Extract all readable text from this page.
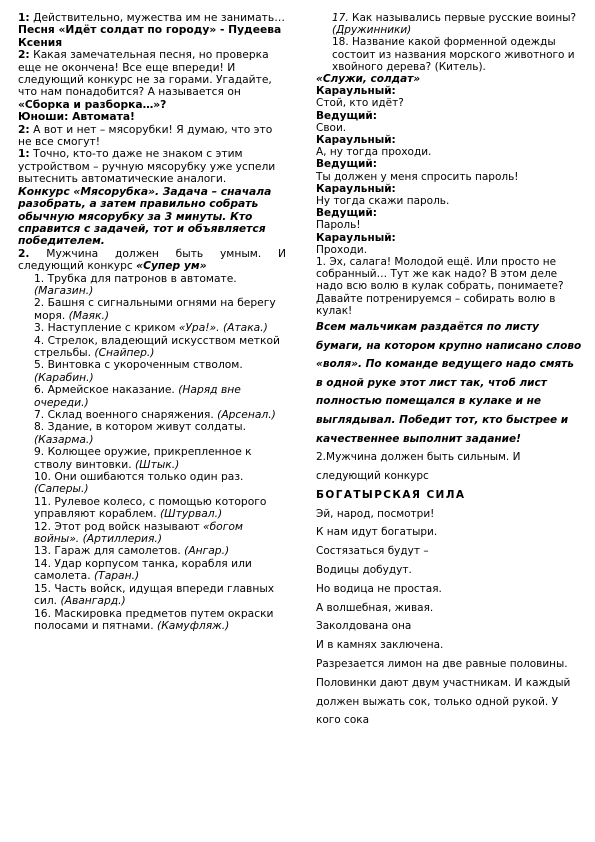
1: Действительно, мужества им не занимать…

Песня «Идёт солдат по городу» - Пудеева Ксения

2: Какая замечательная песня, но проверка еще не окончена! Все еще впереди! И следующий конкурс не за горами. Угадайте, что нам понадобится? А называется он «Сборка и разборка…»?

Юноши: Автомата!

2: А вот и нет – мясорубки! Я думаю, что это не все смогут!

1: Точно, кто-то даже не знаком с этим устройством – ручную мясорубку уже успели вытеснить автоматические аналоги.

Конкурс «Мясорубка». Задача – сначала разобрать, а затем правильно собрать обычную мясорубку за 3 минуты. Кто справится с задачей, тот и объявляется победителем.

2. Мужчина должен быть умным. И следующий конкурс «Супер ум»

1. Трубка для патронов в автомате. (Магазин.)

2. Башня с сигнальными огнями на берегу моря. (Маяк.)

3. Наступление с криком «Ура!». (Атака.)

4. Стрелок, владеющий искусством меткой стрельбы. (Снайпер.)

5. Винтовка с укороченным стволом. (Карабин.)

6. Армейское наказание. (Наряд вне очереди.)

7. Склад военного снаряжения. (Арсенал.)

8. Здание, в котором живут солдаты. (Казарма.)

9. Колющее оружие, прикрепленное к стволу винтовки. (Штык.)

10. Они ошибаются только один раз. (Саперы.)

11. Рулевое колесо, с помощью которого управляют кораблем. (Штурвал.)

12. Этот род войск называют «богом войны». (Артиллерия.)

13. Гараж для самолетов. (Ангар.)

14. Удар корпусом танка, корабля или самолета. (Таран.)

15. Часть войск, идущая впереди главных сил. (Авангард.)

16. Маскировка предметов путем окраски полосами и пятнами. (Камуфляж.)

17. Как назывались первые русские воины? (Дружинники)

18. Название какой форменной одежды состоит из названия морского животного и хвойного дерева? (Китель).

«Служи, солдат»

Караульный:

Стой, кто идёт?

Ведущий:

Свои.

Караульный:

А, ну тогда проходи.

Ведущий:

Ты должен у меня спросить пароль!

Караульный:

Ну тогда скажи пароль.

Ведущий:

Пароль!

Караульный:

Проходи.

1. Эх, салага! Молодой ещё. Или просто не собранный… Тут же как надо? В этом деле надо всю волю в кулак собрать, понимаете? Давайте потренируемся – собирать волю в кулак!

Всем мальчикам раздаётся по листу бумаги, на котором крупно написано слово «воля». По команде ведущего надо смять в одной руке этот лист так, чтоб лист полностью помещался в кулаке и не выглядывал. Победит тот, кто быстрее и качественнее выполнит задание!

2.Мужчина должен быть сильным. И следующий конкурс

БОГАТЫРСКАЯ СИЛА

Эй, народ, посмотри!

К нам идут богатыри.

Состязаться будут –

Водицы добудут.

Но водица не простая.

А волшебная, живая.

Заколдована она

И в камнях заключена.

Разрезается лимон на две равные половины. Половинки дают двум участникам. И каждый должен выжать сок, только одной рукой. У кого сока
